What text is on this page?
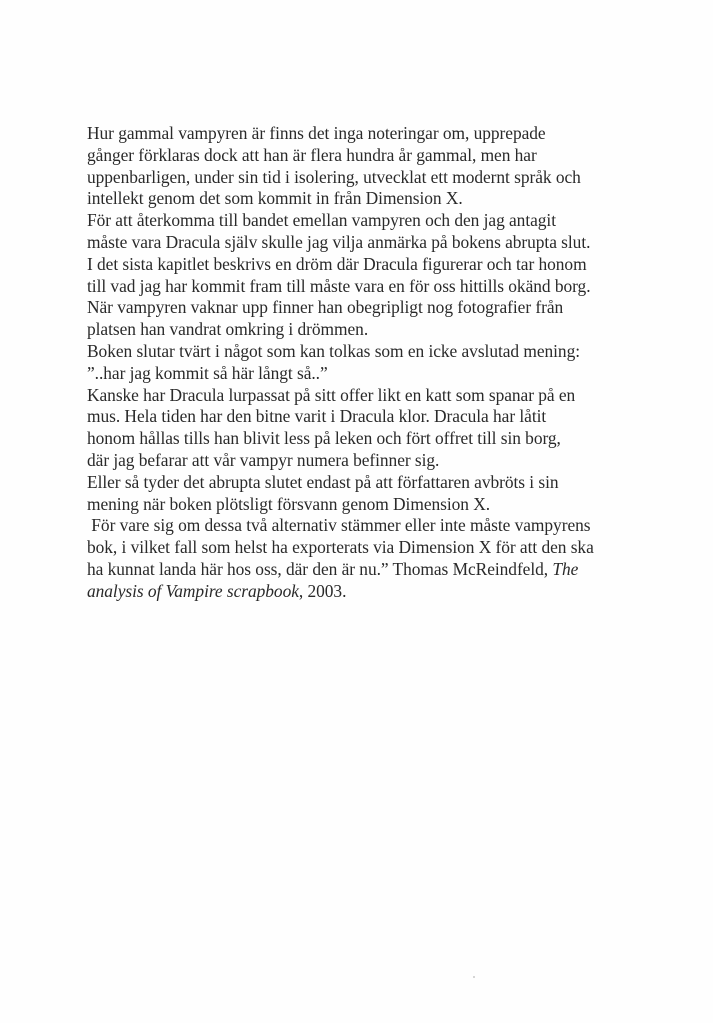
Hur gammal vampyren är finns det inga noteringar om, upprepade
gånger förklaras dock att han är flera hundra år gammal, men har
uppenbarligen, under sin tid i isolering, utvecklat ett modernt språk och
intellekt genom det som kommit in från Dimension X.
För att återkomma till bandet emellan vampyren och den jag antagit
måste vara Dracula själv skulle jag vilja anmärka på bokens abrupta slut.
I det sista kapitlet beskrivs en dröm där Dracula figurerar och tar honom
till vad jag har kommit fram till måste vara en för oss hittills okänd borg.
När vampyren vaknar upp finner han obegripligt nog fotografier från
platsen han vandrat omkring i drömmen.
Boken slutar tvärt i något som kan tolkas som en icke avslutad mening:
”..har jag kommit så här långt så..”
Kanske har Dracula lurpassat på sitt offer likt en katt som spanar på en
mus. Hela tiden har den bitne varit i Dracula klor. Dracula har låtit
honom hållas tills han blivit less på leken och fört offret till sin borg,
där jag befarar att vår vampyr numera befinner sig.
Eller så tyder det abrupta slutet endast på att författaren avbröts i sin
mening när boken plötsligt försvann genom Dimension X.
För vare sig om dessa två alternativ stämmer eller inte måste vampyrens
bok, i vilket fall som helst ha exporterats via Dimension X för att den ska
ha kunnat landa här hos oss, där den är nu.” Thomas McReindfeld, The
analysis of Vampire scrapbook, 2003.
